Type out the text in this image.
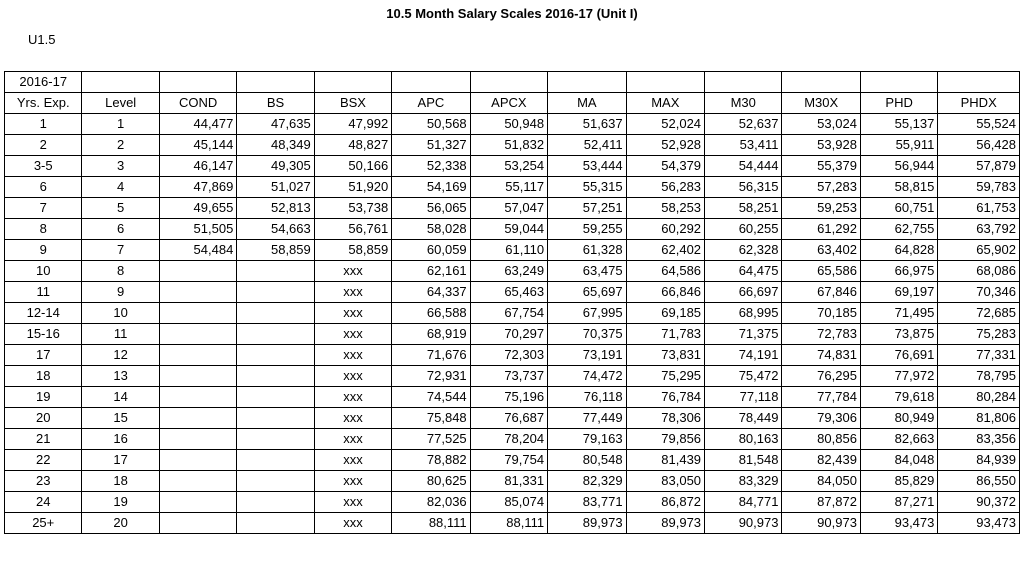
10.5 Month Salary Scales 2016-17 (Unit I)
U1.5
2016-17												
Yrs. Exp.	Level	COND	BS	BSX	APC	APCX	MA	MAX	M30	M30X	PHD	PHDX
1	1	44,477	47,635	47,992	50,568	50,948	51,637	52,024	52,637	53,024	55,137	55,524
2	2	45,144	48,349	48,827	51,327	51,832	52,411	52,928	53,411	53,928	55,911	56,428
3-5	3	46,147	49,305	50,166	52,338	53,254	53,444	54,379	54,444	55,379	56,944	57,879
6	4	47,869	51,027	51,920	54,169	55,117	55,315	56,283	56,315	57,283	58,815	59,783
7	5	49,655	52,813	53,738	56,065	57,047	57,251	58,253	58,251	59,253	60,751	61,753
8	6	51,505	54,663	56,761	58,028	59,044	59,255	60,292	60,255	61,292	62,755	63,792
9	7	54,484	58,859	58,859	60,059	61,110	61,328	62,402	62,328	63,402	64,828	65,902
10	8			xxx	62,161	63,249	63,475	64,586	64,475	65,586	66,975	68,086
11	9			xxx	64,337	65,463	65,697	66,846	66,697	67,846	69,197	70,346
12-14	10			xxx	66,588	67,754	67,995	69,185	68,995	70,185	71,495	72,685
15-16	11			xxx	68,919	70,297	70,375	71,783	71,375	72,783	73,875	75,283
17	12			xxx	71,676	72,303	73,191	73,831	74,191	74,831	76,691	77,331
18	13			xxx	72,931	73,737	74,472	75,295	75,472	76,295	77,972	78,795
19	14			xxx	74,544	75,196	76,118	76,784	77,118	77,784	79,618	80,284
20	15			xxx	75,848	76,687	77,449	78,306	78,449	79,306	80,949	81,806
21	16			xxx	77,525	78,204	79,163	79,856	80,163	80,856	82,663	83,356
22	17			xxx	78,882	79,754	80,548	81,439	81,548	82,439	84,048	84,939
23	18			xxx	80,625	81,331	82,329	83,050	83,329	84,050	85,829	86,550
24	19			xxx	82,036	85,074	83,771	86,872	84,771	87,872	87,271	90,372
25+	20			xxx	88,111	88,111	89,973	89,973	90,973	90,973	93,473	93,473
